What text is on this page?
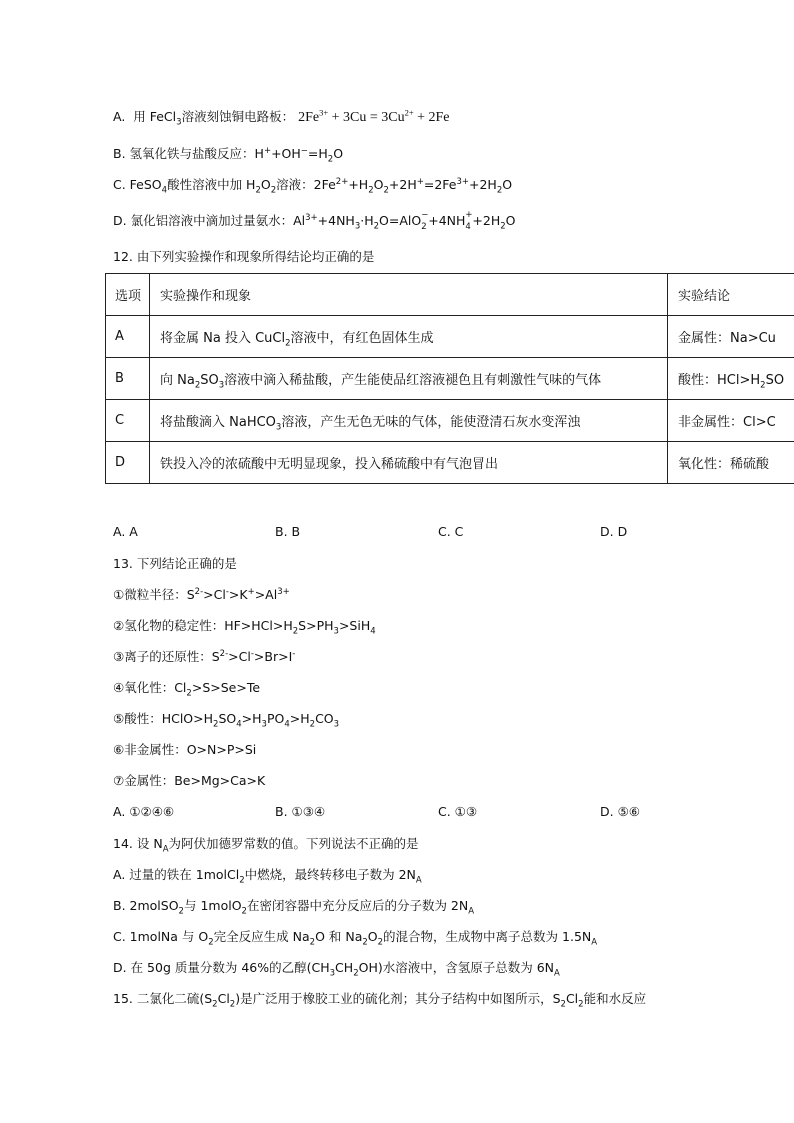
A. 用 FeCl$_3$溶液刻蚀铜电路板： $2Fe^{3+} + 3Cu = 3Cu^{2+} + 2Fe$
B. 氢氧化铁与盐酸反应：$H^++OH^-=H_2O$
C. FeSO$_4$酸性溶液中加 $H_2O_2$溶液：$2Fe^{2+}+H_2O_2+2H^+=2Fe^{3+}+2H_2O$
D. 氯化铝溶液中滴加过量氨水：$Al^{3+}+4NH_3\cdot H_2O=AlO$ −
2 +4NH +
$4 +2H_2O$
12. 由下列实验操作和现象所得结论均正确的是
选项	实验操作和现象	实验结论
A	将金属 Na 投入 CuCl$_2$溶液中，有红色固体生成	金属性：Na>Cu
B	向 $Na_2SO_3$溶液中滴入稀盐酸，产生能使品红溶液褪色且有刺激性气味的气体	酸性：$HCl>H_2SO$
C	将盐酸滴入 NaHCO$_3$溶液，产生无色无味的气体，能使澄清石灰水变浑浊	非金属性：Cl>C
D	铁投入冷的浓硫酸中无明显现象，投入稀硫酸中有气泡冒出	氧化性：稀硫酸
A. A	B. B	C. C	D. D
13. 下列结论正确的是
①微粒半径：$S^{2-}>Cl^->K^+>Al^{3+}$
②氢化物的稳定性：$HF>HCl>H_2S>PH_3>SiH_4$
③离子的还原性：$S^{2-}>Cl^->Br>I^-$
④氧化性：$Cl_2>S>Se>Te$
⑤酸性：$HClO>H_2SO_4>H_3PO_4>H_2CO_3$
⑥非金属性：O>N>P>Si
⑦金属性：Be>Mg>Ca>K
A. ①②④⑥	B. ①③④	C. ①③	D. ⑤⑥
14. 设 $N_A$为阿伏加德罗常数的值。下列说法不正确的是
A. 过量的铁在 1molCl$_2$中燃烧，最终转移电子数为 $2N_A$
B. 2molSO$_2$与 1molO$_2$在密闭容器中充分反应后的分子数为 $2N_A$
C. 1molNa 与 $O_2$完全反应生成 $Na_2O$ 和 $Na_2O_2$的混合物，生成物中离子总数为 $1.5N_A$
D. 在 50g 质量分数为 46%的乙醇$(CH_3CH_2OH)$水溶液中，含氢原子总数为 $6N_A$
15. 二氯化二硫$(S_2Cl_2)$是广泛用于橡胶工业的硫化剂；其分子结构中如图所示，$S_2Cl_2$能和水反应
